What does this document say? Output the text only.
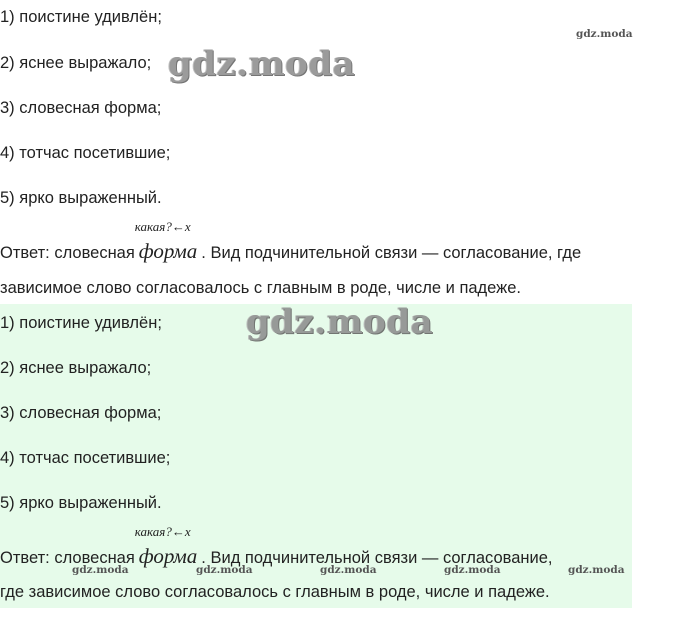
1) поистине удивлён;
2) яснее выражало;
3) словесная форма;
4) тотчас посетившие;
5) ярко выраженный.
Ответ: словесная
какая?←x
форма . Вид подчинительной связи — согласование, где
зависимое слово согласовалось с главным в роде, числе и падеже.
gdz.moda
gdz.moda
1) поистине удивлён;
2) яснее выражало;
3) словесная форма;
4) тотчас посетившие;
5) ярко выраженный.
Ответ: словесная
какая?←x
форма . Вид подчинительной связи — согласование,
где зависимое слово согласовалось с главным в роде, числе и падеже.
gdz.moda
gdz.moda	gdz.moda	gdz.moda	gdz.moda	gdz.moda
